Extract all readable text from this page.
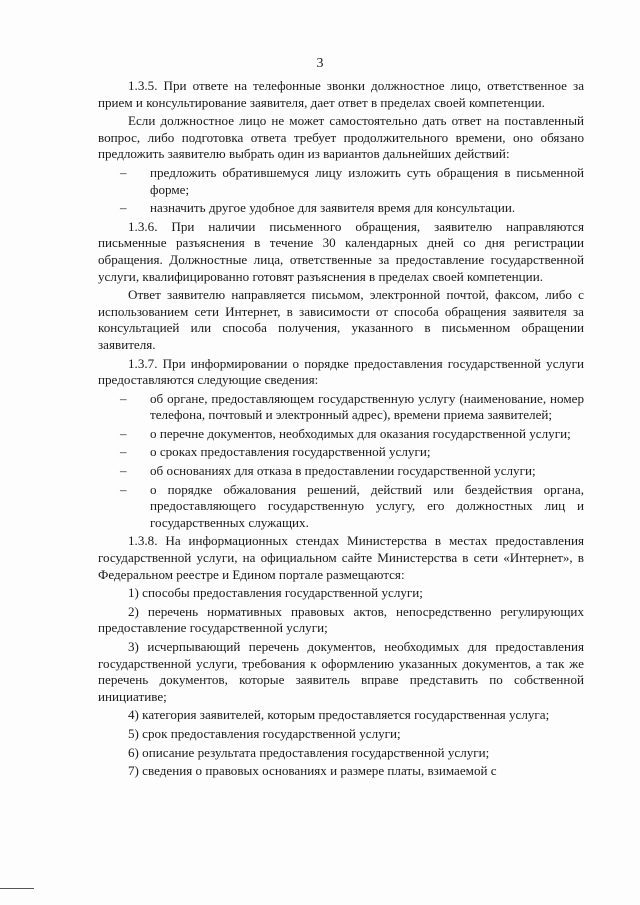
3

1.3.5. При ответе на телефонные звонки должностное лицо, ответственное за прием и консультирование заявителя, дает ответ в пределах своей компетенции.

Если должностное лицо не может самостоятельно дать ответ на поставленный вопрос, либо подготовка ответа требует продолжительного времени, оно обязано предложить заявителю выбрать один из вариантов дальнейших действий:

–	предложить обратившемуся лицу изложить суть обращения в письменной форме;
–	назначить другое удобное для заявителя время для консультации.

1.3.6. При наличии письменного обращения, заявителю направляются письменные разъяснения в течение 30 календарных дней со дня регистрации обращения. Должностные лица, ответственные за предоставление государственной услуги, квалифицированно готовят разъяснения в пределах своей компетенции.

Ответ заявителю направляется письмом, электронной почтой, факсом, либо с использованием сети Интернет, в зависимости от способа обращения заявителя за консультацией или способа получения, указанного в письменном обращении заявителя.

1.3.7. При информировании о порядке предоставления государственной услуги предоставляются следующие сведения:

–	об органе, предоставляющем государственную услугу (наименование, номер телефона, почтовый и электронный адрес), времени приема заявителей;
–	о перечне документов, необходимых для оказания государственной услуги;
–	о сроках предоставления государственной услуги;
–	об основаниях для отказа в предоставлении государственной услуги;
–	о порядке обжалования решений, действий или бездействия органа, предоставляющего государственную услугу, его должностных лиц и государственных служащих.

1.3.8. На информационных стендах Министерства в местах предоставления государственной услуги, на официальном сайте Министерства в сети «Интернет», в Федеральном реестре и Едином портале размещаются:

1) способы предоставления государственной услуги;

2) перечень нормативных правовых актов, непосредственно регулирующих предоставление государственной услуги;

3) исчерпывающий перечень документов, необходимых для предоставления государственной услуги, требования к оформлению указанных документов, а так же перечень документов, которые заявитель вправе представить по собственной инициативе;

4) категория заявителей, которым предоставляется государственная услуга;

5) срок предоставления государственной услуги;

6) описание результата предоставления государственной услуги;

7) сведения о правовых основаниях и размере платы, взимаемой с
